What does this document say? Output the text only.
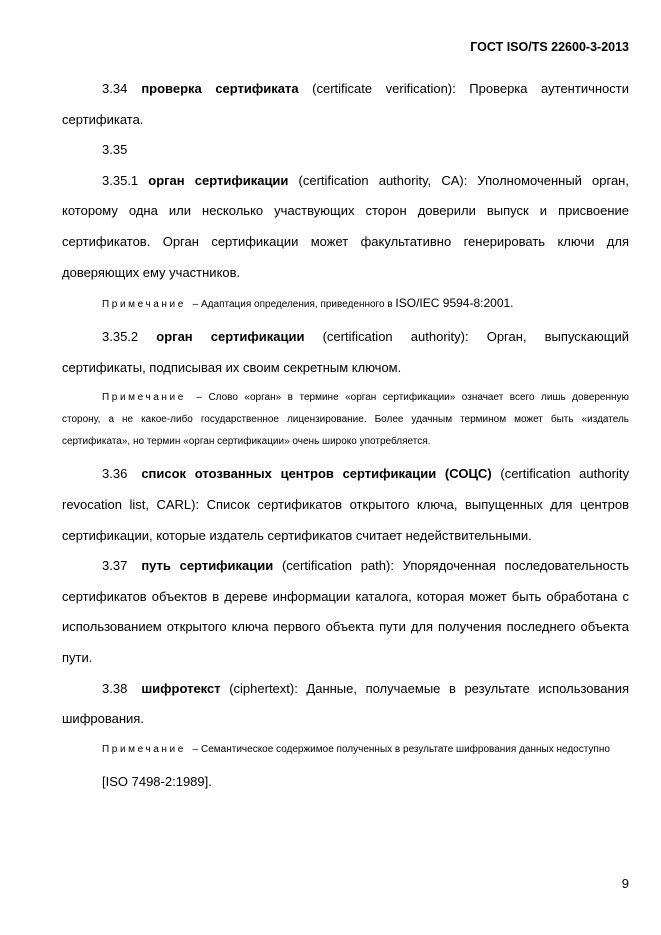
ГОСТ ISO/TS 22600-3-2013

3.34 проверка сертификата (certificate verification): Проверка аутентичности сертификата.

3.35

3.35.1 орган сертификации (certification authority, CA): Уполномоченный орган, которому одна или несколько участвующих сторон доверили выпуск и присвоение сертификатов. Орган сертификации может факультативно генерировать ключи для доверяющих ему участников.

Примечание – Адаптация определения, приведенного в ISO/IEC 9594-8:2001.

3.35.2 орган сертификации (certification authority): Орган, выпускающий сертификаты, подписывая их своим секретным ключом.

Примечание – Слово «орган» в термине «орган сертификации» означает всего лишь доверенную сторону, а не какое-либо государственное лицензирование. Более удачным термином может быть «издатель сертификата», но термин «орган сертификации» очень широко употребляется.

3.36 список отозванных центров сертификации (СОЦС) (certification authority revocation list, CARL): Список сертификатов открытого ключа, выпущенных для центров сертификации, которые издатель сертификатов считает недействительными.

3.37 путь сертификации (certification path): Упорядоченная последовательность сертификатов объектов в дереве информации каталога, которая может быть обработана с использованием открытого ключа первого объекта пути для получения последнего объекта пути.

3.38 шифротекст (ciphertext): Данные, получаемые в результате использования шифрования.

Примечание – Семантическое содержимое полученных в результате шифрования данных недоступно

[ISO 7498-2:1989].

9
